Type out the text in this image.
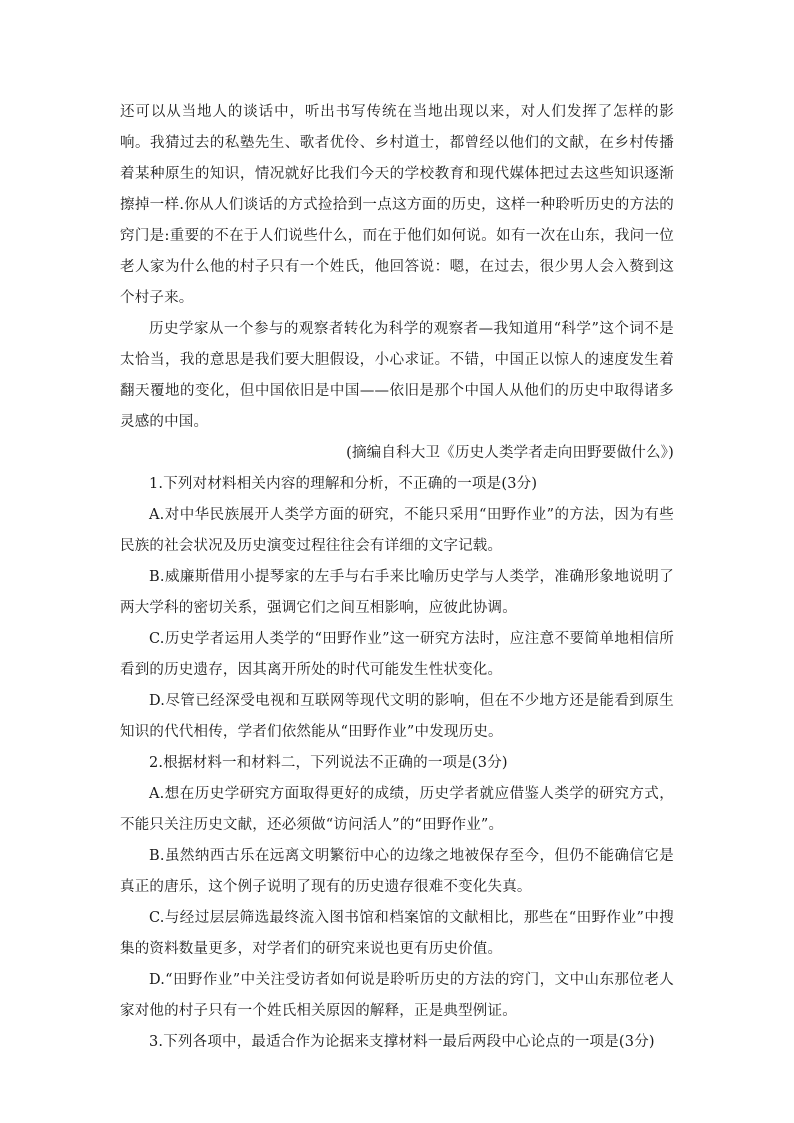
还可以从当地人的谈话中，听出书写传统在当地出现以来，对人们发挥了怎样的影响。我猜过去的私塾先生、歌者优伶、乡村道士，都曾经以他们的文献，在乡村传播着某种原生的知识，情况就好比我们今天的学校教育和现代媒体把过去这些知识逐渐擦掉一样.你从人们谈话的方式捡拾到一点这方面的历史，这样一种聆听历史的方法的窍门是:重要的不在于人们说些什么，而在于他们如何说。如有一次在山东，我问一位老人家为什么他的村子只有一个姓氏，他回答说：嗯，在过去，很少男人会入赘到这个村子来。

历史学家从一个参与的观察者转化为科学的观察者—我知道用“科学”这个词不是太恰当，我的意思是我们要大胆假设，小心求证。不错，中国正以惊人的速度发生着翻天覆地的变化，但中国依旧是中国——依旧是那个中国人从他们的历史中取得诸多灵感的中国。

(摘编自科大卫《历史人类学者走向田野要做什么》)

1.下列对材料相关内容的理解和分析，不正确的一项是(3分)

A.对中华民族展开人类学方面的研究，不能只采用“田野作业”的方法，因为有些民族的社会状况及历史演变过程往往会有详细的文字记载。

B.威廉斯借用小提琴家的左手与右手来比喻历史学与人类学，准确形象地说明了两大学科的密切关系，强调它们之间互相影响，应彼此协调。

C.历史学者运用人类学的“田野作业”这一研究方法时，应注意不要简单地相信所看到的历史遗存，因其离开所处的时代可能发生性状变化。

D.尽管已经深受电视和互联网等现代文明的影响，但在不少地方还是能看到原生知识的代代相传，学者们依然能从“田野作业”中发现历史。

2.根据材料一和材料二，下列说法不正确的一项是(3分)

A.想在历史学研究方面取得更好的成绩，历史学者就应借鉴人类学的研究方式，不能只关注历史文献，还必须做“访问活人”的“田野作业”。

B.虽然纳西古乐在远离文明繁衍中心的边缘之地被保存至今，但仍不能确信它是真正的唐乐，这个例子说明了现有的历史遗存很难不变化失真。

C.与经过层层筛选最终流入图书馆和档案馆的文献相比，那些在“田野作业”中搜集的资料数量更多，对学者们的研究来说也更有历史价值。

D.“田野作业”中关注受访者如何说是聆听历史的方法的窍门，文中山东那位老人家对他的村子只有一个姓氏相关原因的解释，正是典型例证。

3.下列各项中，最适合作为论据来支撑材料一最后两段中心论点的一项是(3分)
